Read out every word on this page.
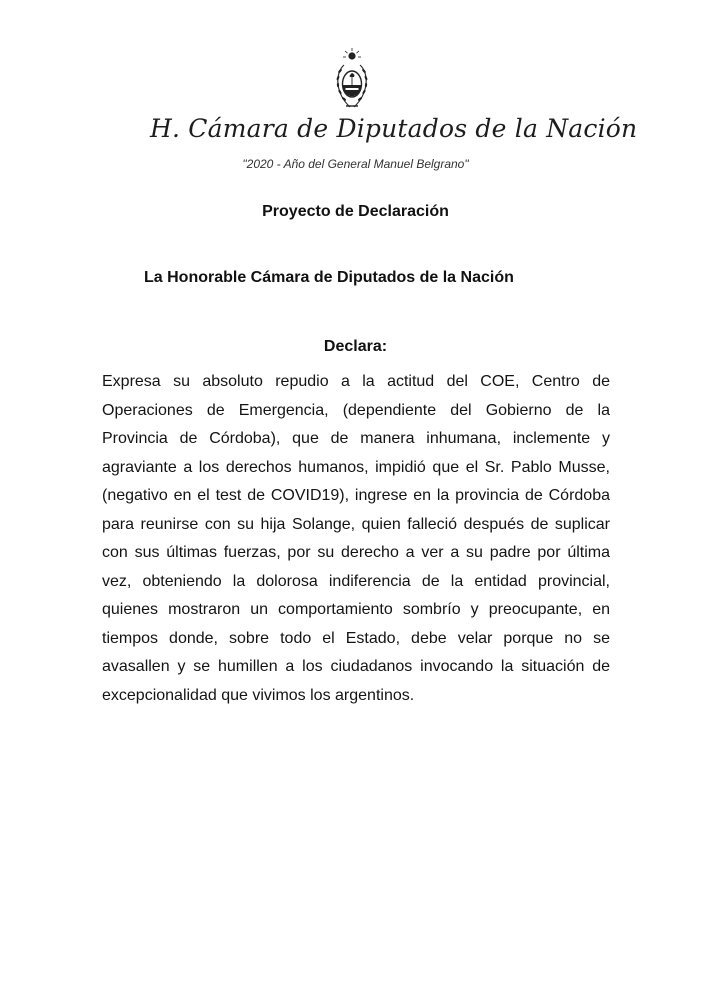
H. Cámara de Diputados de la Nación
"2020 - Año del General Manuel Belgrano"
Proyecto de Declaración
La Honorable Cámara de Diputados de la Nación
Declara:

Expresa su absoluto repudio a la actitud del COE, Centro de Operaciones de Emergencia, (dependiente del Gobierno de la Provincia de Córdoba), que de manera inhumana, inclemente y agraviante a los derechos humanos, impidió que el Sr. Pablo Musse, (negativo en el test de COVID19), ingrese en la provincia de Córdoba para reunirse con su hija Solange, quien falleció después de suplicar con sus últimas fuerzas, por su derecho a ver a su padre por última vez, obteniendo la dolorosa indiferencia de la entidad provincial, quienes mostraron un comportamiento sombrío y preocupante, en tiempos donde, sobre todo el Estado, debe velar porque no se avasallen y se humillen a los ciudadanos invocando la situación de excepcionalidad que vivimos los argentinos.
